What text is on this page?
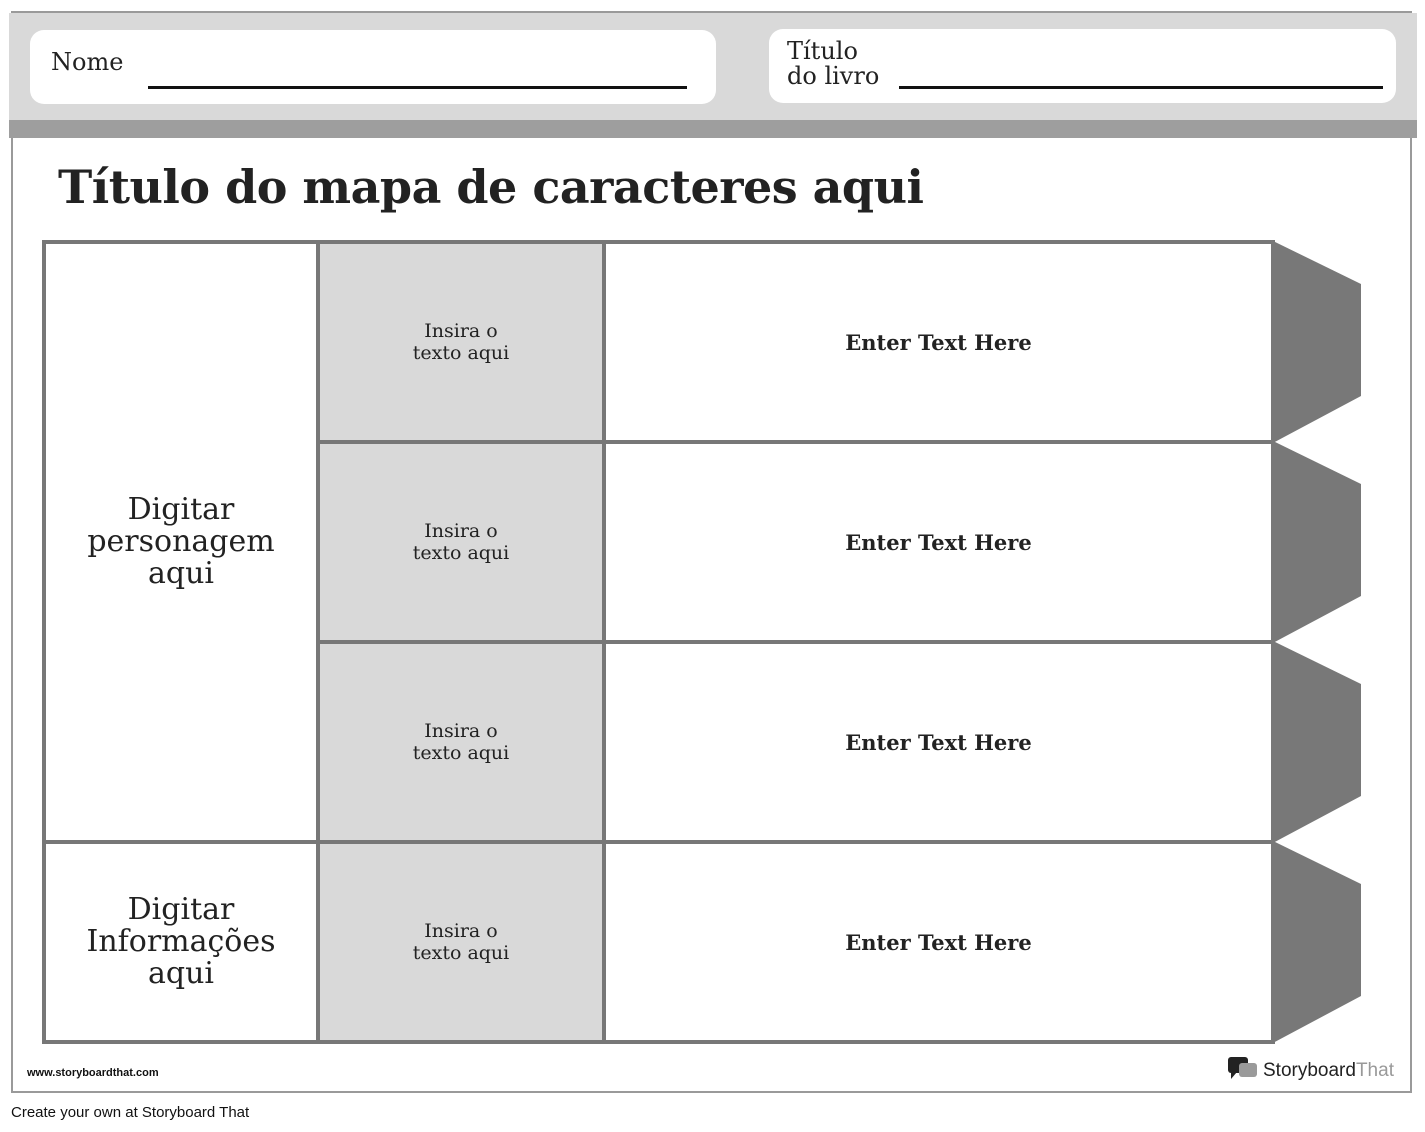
Nome	Título
do livro
Título do mapa de caracteres aqui
Digitar personagem aqui
Digitar Informações aqui
Insira o texto aqui
Insira o texto aqui
Insira o texto aqui
Insira o texto aqui
Enter Text Here
Enter Text Here
Enter Text Here
Enter Text Here
www.storyboardthat.com	StoryboardThat
Create your own at Storyboard That
